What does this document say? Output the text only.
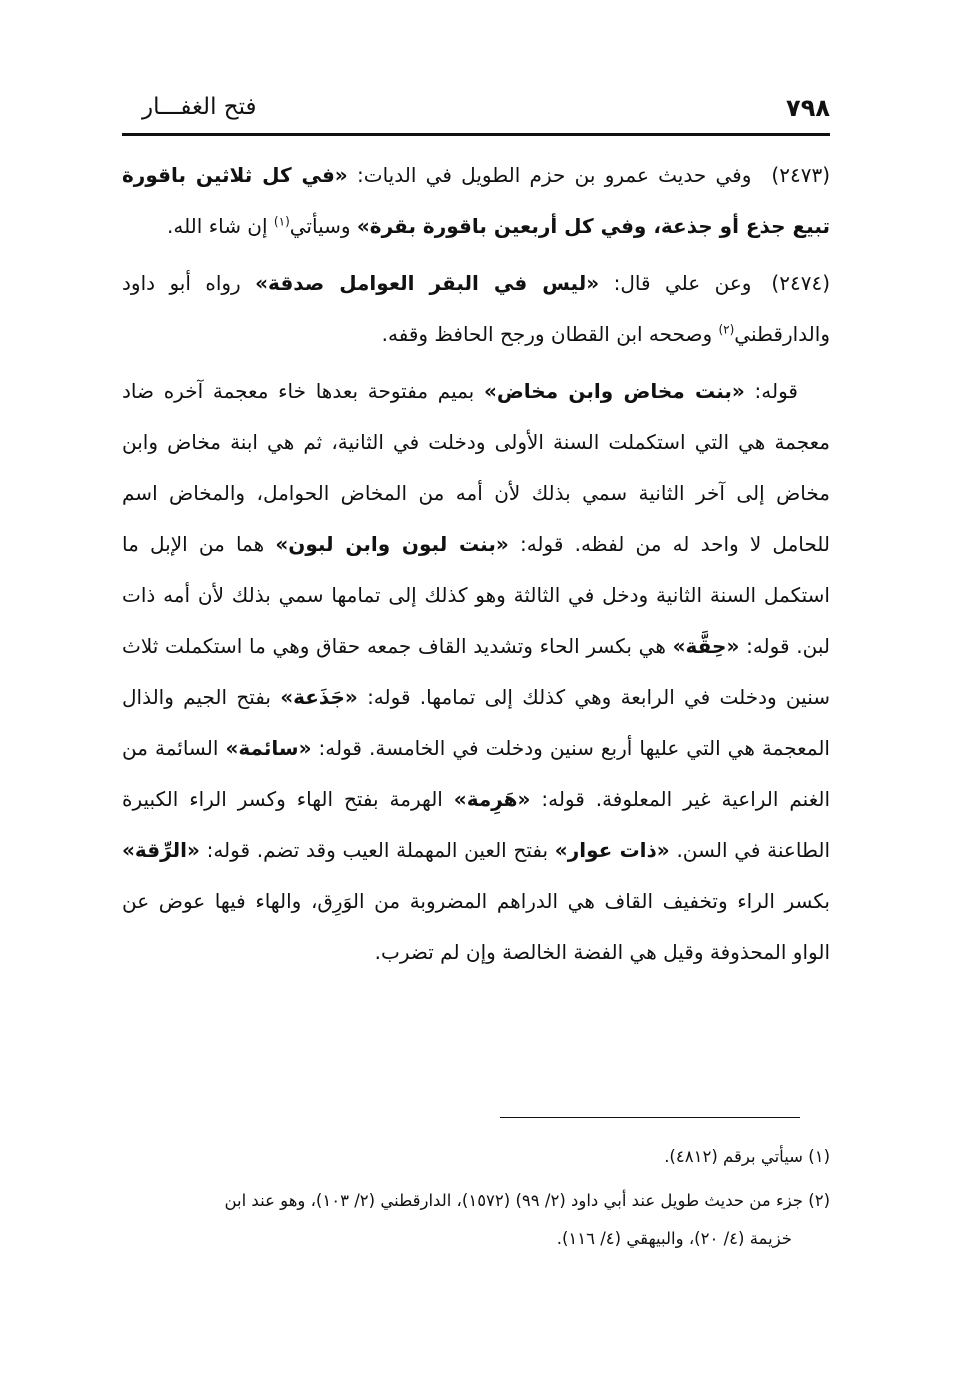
٧٩٨
فتح الغفـــار

(٢٤٧٣)وفي حديث عمرو بن حزم الطويل في الديات: «في كل ثلاثين باقورة تبيع جذع أو جذعة، وفي كل أربعين باقورة بقرة» وسيأتي$^{(١)}$ إن شاء الله.

(٢٤٧٤)وعن علي قال: «ليس في البقر العوامل صدقة» رواه أبو داود والدارقطني$^{(٢)}$ وصححه ابن القطان ورجح الحافظ وقفه.

قوله: «بنت مخاض وابن مخاض» بميم مفتوحة بعدها خاء معجمة آخره ضاد معجمة هي التي استكملت السنة الأولى ودخلت في الثانية، ثم هي ابنة مخاض وابن مخاض إلى آخر الثانية سمي بذلك لأن أمه من المخاض الحوامل، والمخاض اسم للحامل لا واحد له من لفظه. قوله: «بنت لبون وابن لبون» هما من الإبل ما استكمل السنة الثانية ودخل في الثالثة وهو كذلك إلى تمامها سمي بذلك لأن أمه ذات لبن. قوله: «حِقَّة» هي بكسر الحاء وتشديد القاف جمعه حقاق وهي ما استكملت ثلاث سنين ودخلت في الرابعة وهي كذلك إلى تمامها. قوله: «جَذَعة» بفتح الجيم والذال المعجمة هي التي عليها أربع سنين ودخلت في الخامسة. قوله: «سائمة» السائمة من الغنم الراعية غير المعلوفة. قوله: «هَرِمة» الهرمة بفتح الهاء وكسر الراء الكبيرة الطاعنة في السن. «ذات عوار» بفتح العين المهملة العيب وقد تضم. قوله: «الرِّقة» بكسر الراء وتخفيف القاف هي الدراهم المضروبة من الوَرِق، والهاء فيها عوض عن الواو المحذوفة وقيل هي الفضة الخالصة وإن لم تضرب.

(١) سيأتي برقم (٤٨١٢).

(٢) جزء من حديث طويل عند أبي داود (٢/ ٩٩) (١٥٧٢)، الدارقطني (٢/ ١٠٣)، وهو عند ابن
خزيمة (٤/ ٢٠)، والبيهقي (٤/ ١١٦).
